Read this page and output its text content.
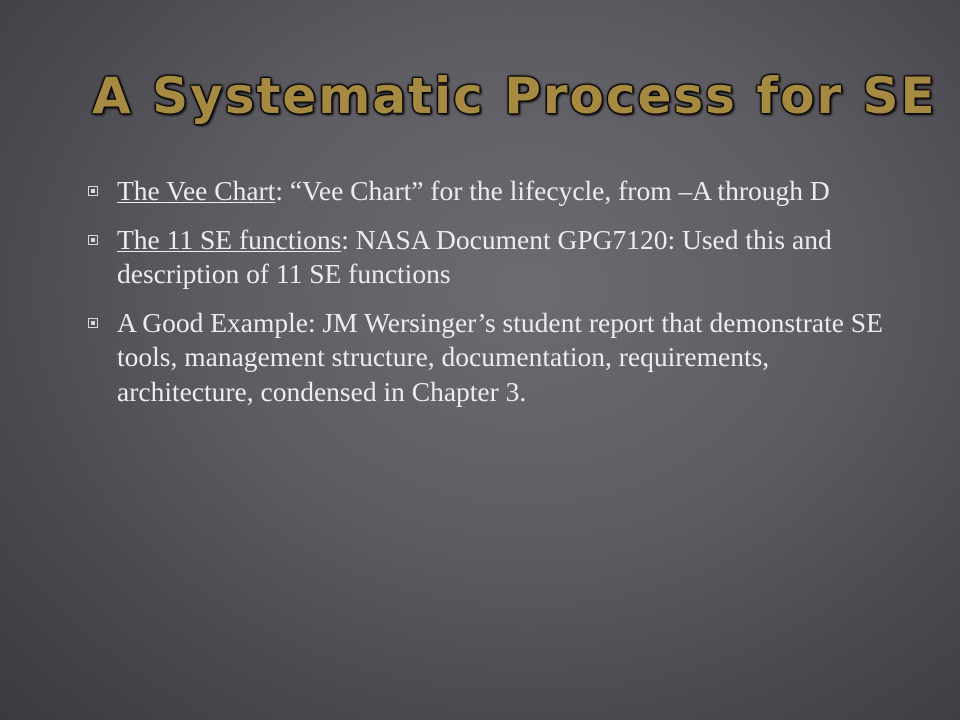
A Systematic Process for SE
The Vee Chart: “Vee Chart” for the lifecycle, from –A through D
The 11 SE functions: NASA Document GPG7120: Used this and description of 11 SE functions
A Good Example: JM Wersinger’s student report that demonstrate SE tools, management structure, documentation, requirements, architecture, condensed in Chapter 3.
